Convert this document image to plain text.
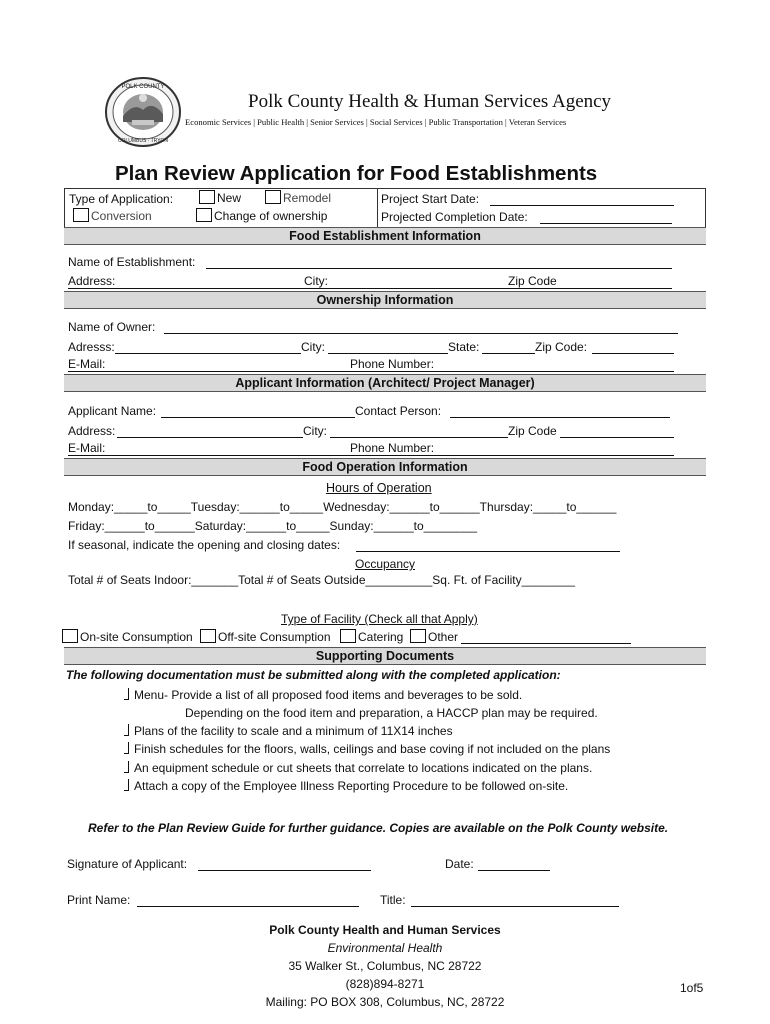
POLK COUNTY
COLUMBUS · TRYON
Polk County Health & Human Services Agency
Economic Services | Public Health | Senior Services | Social Services | Public Transportation | Veteran Services
Plan Review Application for Food Establishments
Type of Application:	New	Remodel
Conversion	Change of ownership
Project Start Date:
Projected Completion Date:
Food Establishment Information
Name of Establishment:
Address:	City:	Zip Code
Ownership Information
Name of Owner:
Adresss:	City:	State:	Zip Code:
E-Mail:	Phone Number:
Applicant Information (Architect/ Project Manager)
Applicant Name:	Contact Person:
Address:	City:	Zip Code
E-Mail:	Phone Number:
Food Operation Information
Hours of Operation
Monday:_____to_____Tuesday:______to_____Wednesday:______to______Thursday:_____to______
Friday:______to______Saturday:______to_____Sunday:______to________
If seasonal, indicate the opening and closing dates:
Occupancy
Total # of Seats Indoor:_______Total # of Seats Outside__________Sq. Ft. of Facility________
Type of Facility (Check all that Apply)
On-site Consumption	Off-site Consumption	Catering	Other
Supporting Documents
The following documentation must be submitted along with the completed application:
Menu- Provide a list of all proposed food items and beverages to be sold.
Depending on the food item and preparation, a HACCP plan may be required.
Plans of the facility to scale and a minimum of 11X14 inches
Finish schedules for the floors, walls, ceilings and base coving if not included on the plans
An equipment schedule or cut sheets that correlate to locations indicated on the plans.
Attach a copy of the Employee Illness Reporting Procedure to be followed on-site.
Refer to the Plan Review Guide for further guidance. Copies are available on the Polk County website.
Signature of Applicant:	Date:
Print Name:	Title:
Polk County Health and Human Services
Environmental Health
35 Walker St., Columbus, NC 28722
(828)894-8271
Mailing: PO BOX 308, Columbus, NC, 28722
1of5
